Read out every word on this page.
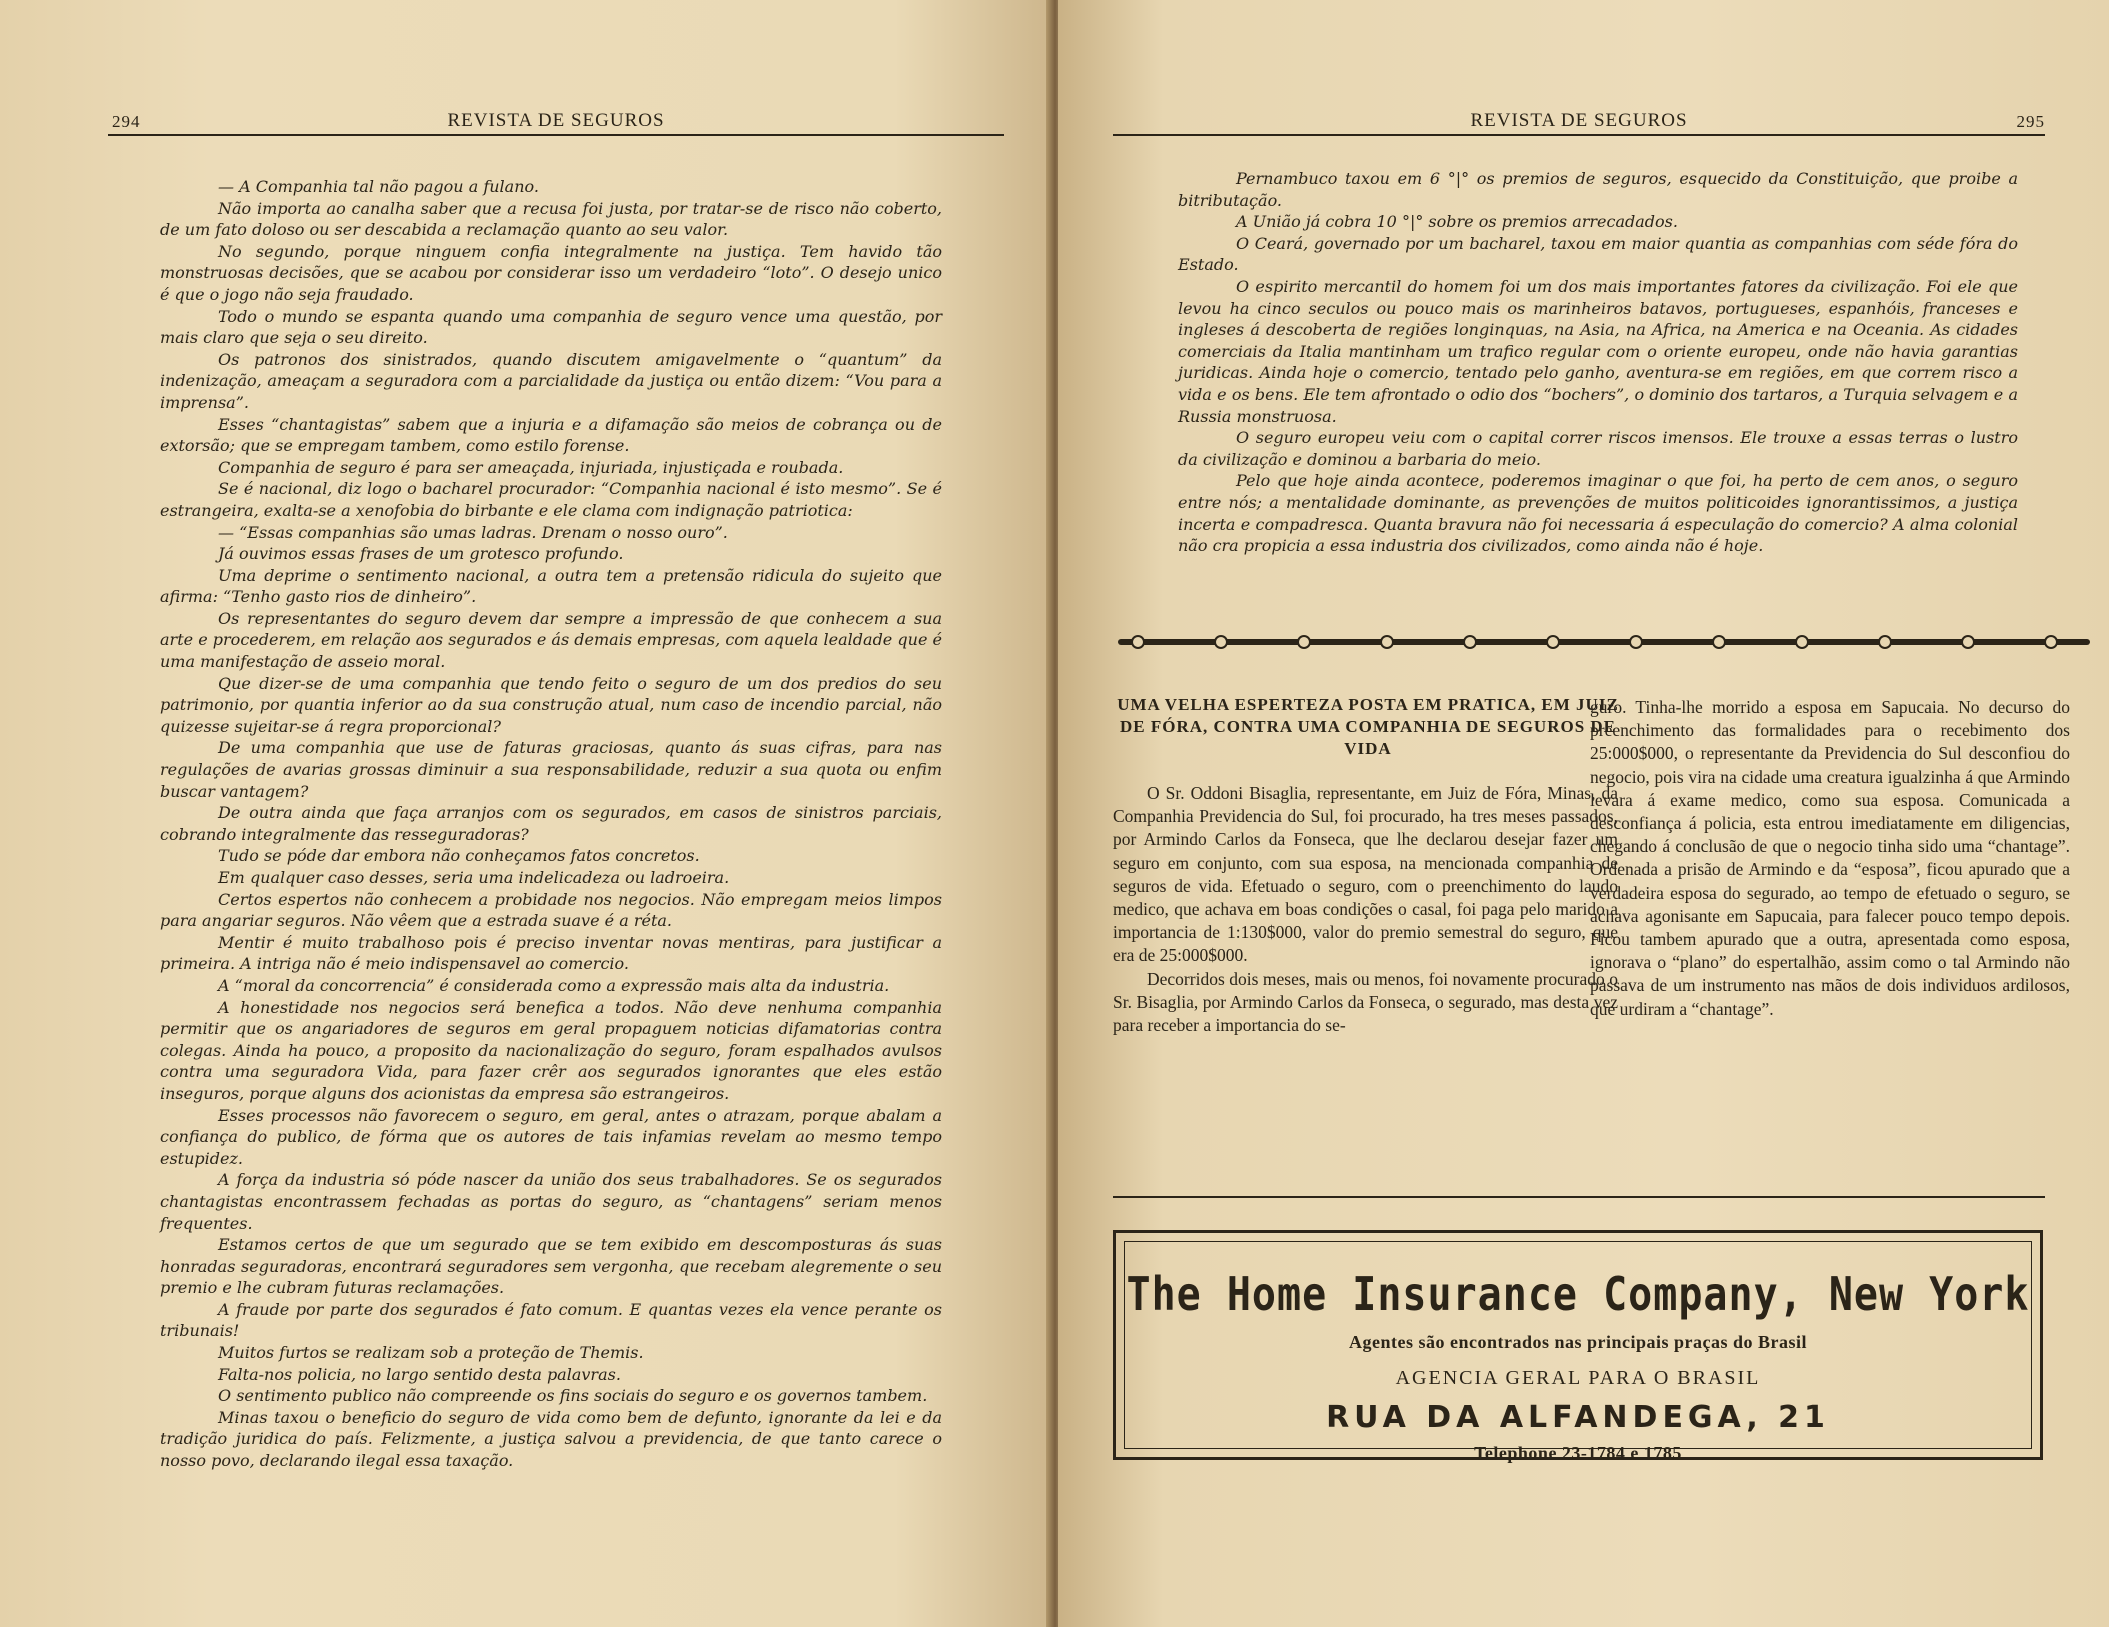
294	REVISTA DE SEGUROS

— A Companhia tal não pagou a fulano.

Não importa ao canalha saber que a recusa foi justa, por tratar-se de risco não coberto, de um fato doloso ou ser descabida a reclamação quanto ao seu valor.

No segundo, porque ninguem confia integralmente na justiça. Tem havido tão monstruosas decisões, que se acabou por considerar isso um verdadeiro “loto”. O desejo unico é que o jogo não seja fraudado.

Todo o mundo se espanta quando uma companhia de seguro vence uma questão, por mais claro que seja o seu direito.

Os patronos dos sinistrados, quando discutem amigavelmente o “quantum” da indenização, ameaçam a seguradora com a parcialidade da justiça ou então dizem: “Vou para a imprensa”.

Esses “chantagistas” sabem que a injuria e a difamação são meios de cobrança ou de extorsão; que se empregam tambem, como estilo forense.

Companhia de seguro é para ser ameaçada, injuriada, injustiçada e roubada.

Se é nacional, diz logo o bacharel procurador: “Companhia nacional é isto mesmo”. Se é estrangeira, exalta-se a xenofobia do birbante e ele clama com indignação patriotica:

— “Essas companhias são umas ladras. Drenam o nosso ouro”.

Já ouvimos essas frases de um grotesco profundo.

Uma deprime o sentimento nacional, a outra tem a pretensão ridicula do sujeito que afirma: “Tenho gasto rios de dinheiro”.

Os representantes do seguro devem dar sempre a impressão de que conhecem a sua arte e procederem, em relação aos segurados e ás demais empresas, com aquela lealdade que é uma manifestação de asseio moral.

Que dizer-se de uma companhia que tendo feito o seguro de um dos predios do seu patrimonio, por quantia inferior ao da sua construção atual, num caso de incendio parcial, não quizesse sujeitar-se á regra proporcional?

De uma companhia que use de faturas graciosas, quanto ás suas cifras, para nas regulações de avarias grossas diminuir a sua responsabilidade, reduzir a sua quota ou enfim buscar vantagem?

De outra ainda que faça arranjos com os segurados, em casos de sinistros parciais, cobrando integralmente das resseguradoras?

Tudo se póde dar embora não conheçamos fatos concretos.

Em qualquer caso desses, seria uma indelicadeza ou ladroeira.

Certos espertos não conhecem a probidade nos negocios. Não empregam meios limpos para angariar seguros. Não vêem que a estrada suave é a réta.

Mentir é muito trabalhoso pois é preciso inventar novas mentiras, para justificar a primeira. A intriga não é meio indispensavel ao comercio.

A “moral da concorrencia” é considerada como a expressão mais alta da industria.

A honestidade nos negocios será benefica a todos. Não deve nenhuma companhia permitir que os angariadores de seguros em geral propaguem noticias difamatorias contra colegas. Ainda ha pouco, a proposito da nacionalização do seguro, foram espalhados avulsos contra uma seguradora Vida, para fazer crêr aos segurados ignorantes que eles estão inseguros, porque alguns dos acionistas da empresa são estrangeiros.

Esses processos não favorecem o seguro, em geral, antes o atrazam, porque abalam a confiança do publico, de fórma que os autores de tais infamias revelam ao mesmo tempo estupidez.

A força da industria só póde nascer da união dos seus trabalhadores. Se os segurados chantagistas encontrassem fechadas as portas do seguro, as “chantagens” seriam menos frequentes.

Estamos certos de que um segurado que se tem exibido em descomposturas ás suas honradas seguradoras, encontrará seguradores sem vergonha, que recebam alegremente o seu premio e lhe cubram futuras reclamações.

A fraude por parte dos segurados é fato comum. E quantas vezes ela vence perante os tribunais!

Muitos furtos se realizam sob a proteção de Themis.

Falta-nos policia, no largo sentido desta palavras.

O sentimento publico não compreende os fins sociais do seguro e os governos tambem.

Minas taxou o beneficio do seguro de vida como bem de defunto, ignorante da lei e da tradição juridica do país. Felizmente, a justiça salvou a previdencia, de que tanto carece o nosso povo, declarando ilegal essa taxação.

REVISTA DE SEGUROS	295

Pernambuco taxou em 6 °|° os premios de seguros, esquecido da Constituição, que proibe a bitributação.

A União já cobra 10 °|° sobre os premios arrecadados.

O Ceará, governado por um bacharel, taxou em maior quantia as companhias com séde fóra do Estado.

O espirito mercantil do homem foi um dos mais importantes fatores da civilização. Foi ele que levou ha cinco seculos ou pouco mais os marinheiros batavos, portugueses, espanhóis, franceses e ingleses á descoberta de regiões longinquas, na Asia, na Africa, na America e na Oceania. As cidades comerciais da Italia mantinham um trafico regular com o oriente europeu, onde não havia garantias juridicas. Ainda hoje o comercio, tentado pelo ganho, aventura-se em regiões, em que correm risco a vida e os bens. Ele tem afrontado o odio dos “bochers”, o dominio dos tartaros, a Turquia selvagem e a Russia monstruosa.

O seguro europeu veiu com o capital correr riscos imensos. Ele trouxe a essas terras o lustro da civilização e dominou a barbaria do meio.

Pelo que hoje ainda acontece, poderemos imaginar o que foi, ha perto de cem anos, o seguro entre nós; a mentalidade dominante, as prevenções de muitos politicoides ignorantissimos, a justiça incerta e compadresca. Quanta bravura não foi necessaria á especulação do comercio? A alma colonial não cra propicia a essa industria dos civilizados, como ainda não é hoje.

UMA VELHA ESPERTEZA POSTA EM PRATICA, EM JUIZ DE FÓRA, CONTRA UMA COMPANHIA DE SEGUROS DE VIDA

O Sr. Oddoni Bisaglia, representante, em Juiz de Fóra, Minas, da Companhia Previdencia do Sul, foi procurado, ha tres meses passados, por Armindo Carlos da Fonseca, que lhe declarou desejar fazer um seguro em conjunto, com sua esposa, na mencionada companhia de seguros de vida. Efetuado o seguro, com o preenchimento do laudo medico, que achava em boas condições o casal, foi paga pelo marido a importancia de 1:130$000, valor do premio semestral do seguro, que era de 25:000$000.

Decorridos dois meses, mais ou menos, foi novamente procurado o Sr. Bisaglia, por Armindo Carlos da Fonseca, o segurado, mas desta vez para receber a importancia do se-

guro. Tinha-lhe morrido a esposa em Sapucaia. No decurso do preenchimento das formalidades para o recebimento dos 25:000$000, o representante da Previdencia do Sul desconfiou do negocio, pois vira na cidade uma creatura igualzinha á que Armindo levara á exame medico, como sua esposa. Comunicada a desconfiança á policia, esta entrou imediatamente em diligencias, chegando á conclusão de que o negocio tinha sido uma “chantage”. Ordenada a prisão de Armindo e da “esposa”, ficou apurado que a verdadeira esposa do segurado, ao tempo de efetuado o seguro, se achava agonisante em Sapucaia, para falecer pouco tempo depois. Ficou tambem apurado que a outra, apresentada como esposa, ignorava o “plano” do espertalhão, assim como o tal Armindo não passava de um instrumento nas mãos de dois individuos ardilosos, que urdiram a “chantage”.

The Home Insurance Company, New York
Agentes são encontrados nas principais praças do Brasil
AGENCIA GERAL PARA O BRASIL
RUA DA ALFANDEGA, 21
Telephone 23-1784 e 1785
